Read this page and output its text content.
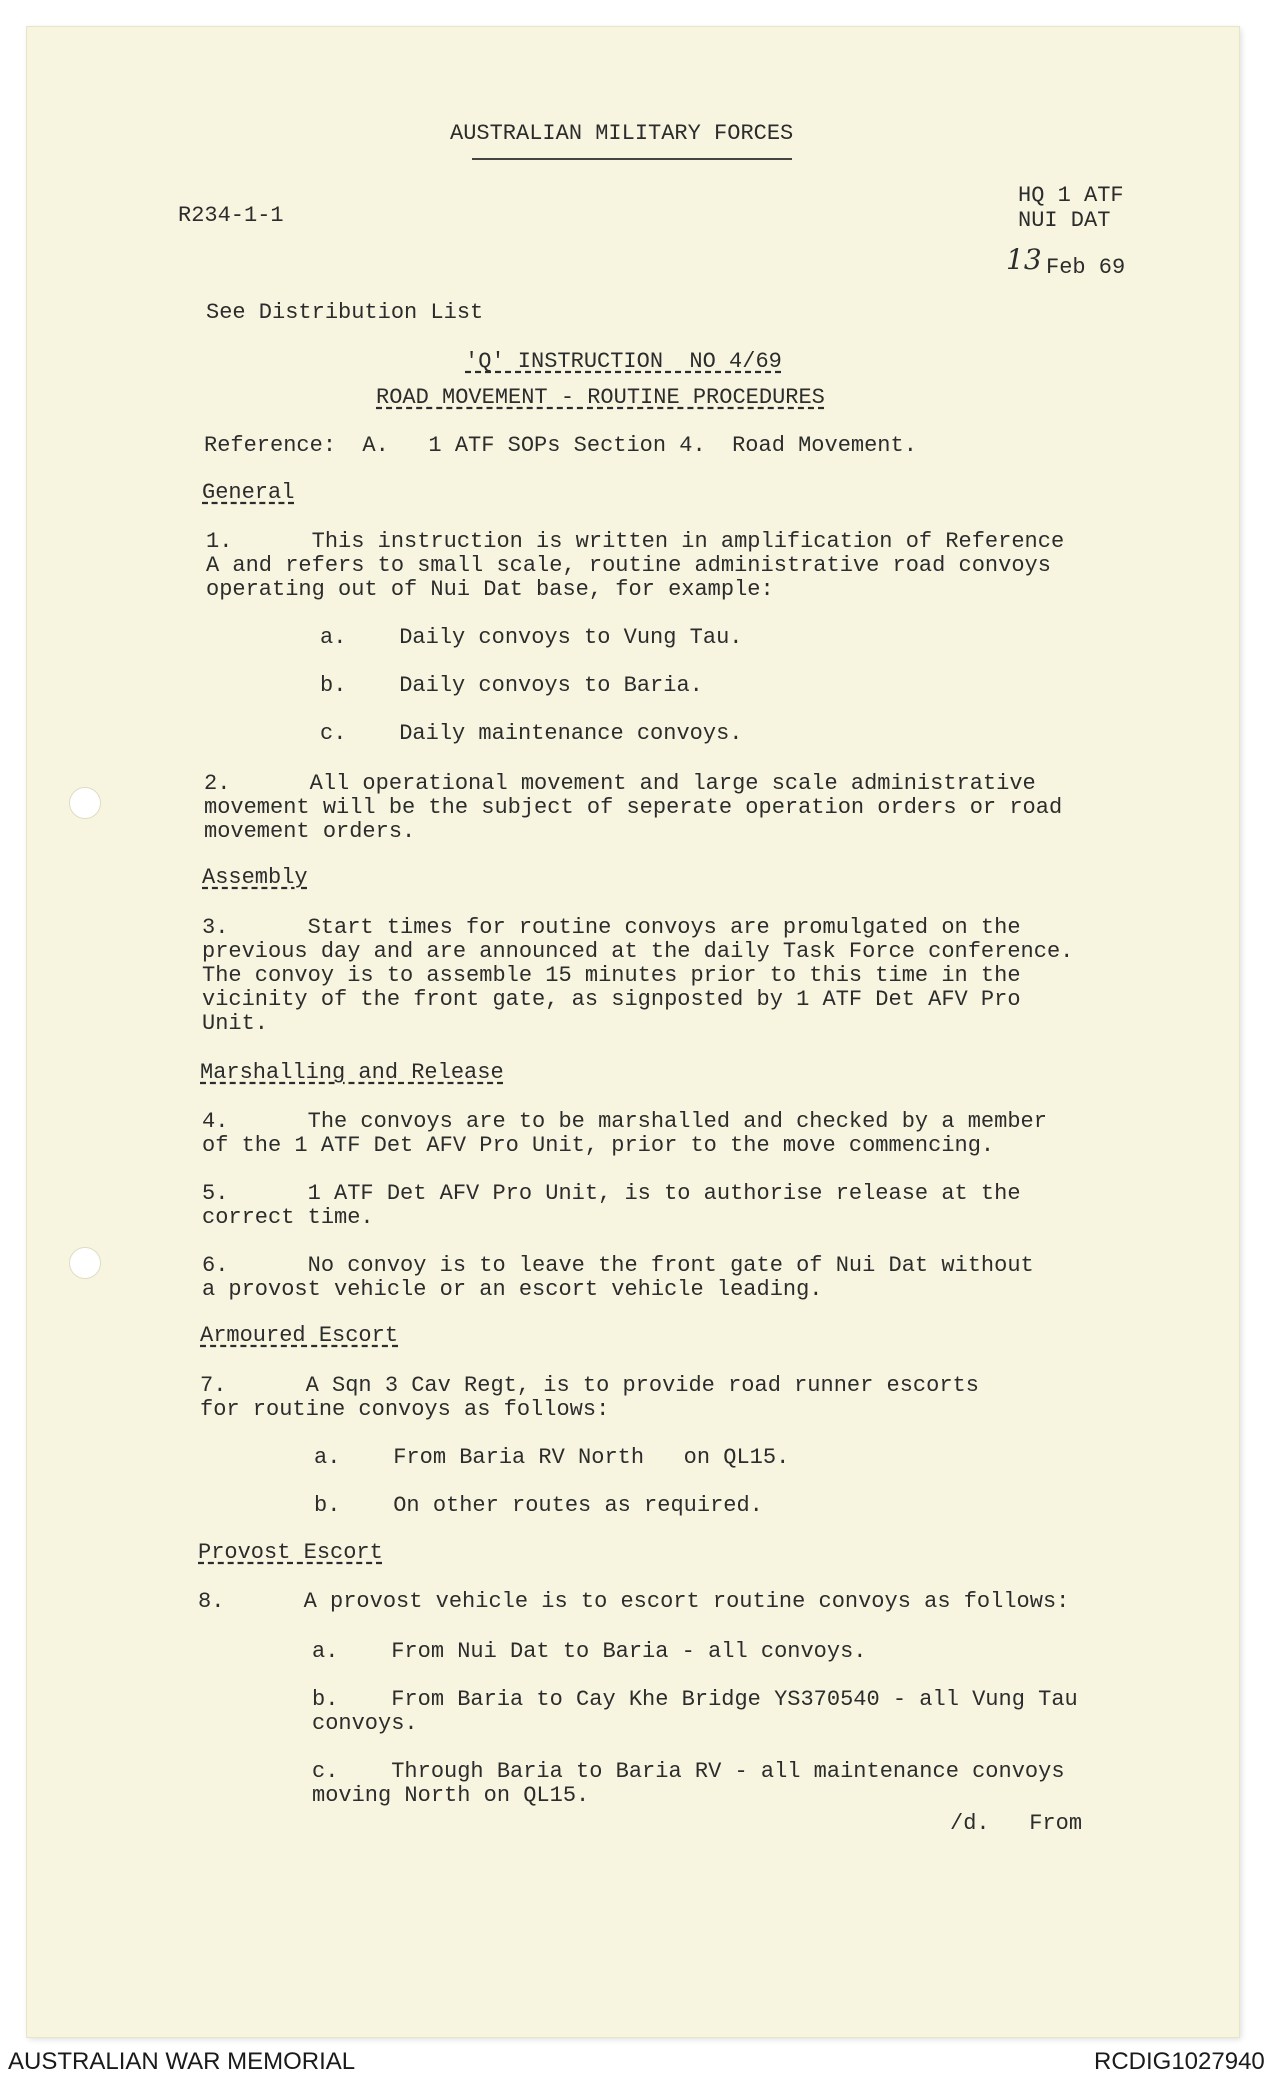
AUSTRALIAN MILITARY FORCES
R234-1-1
HQ 1 ATF
NUI DAT
13 Feb 69
See Distribution List
'Q' INSTRUCTION  NO 4/69
ROAD MOVEMENT - ROUTINE PROCEDURES
Reference:  A.   1 ATF SOPs Section 4.  Road Movement.
General
1.      This instruction is written in amplification of Reference
A and refers to small scale, routine administrative road convoys
operating out of Nui Dat base, for example:
a.    Daily convoys to Vung Tau.
b.    Daily convoys to Baria.
c.    Daily maintenance convoys.
2.      All operational movement and large scale administrative
movement will be the subject of seperate operation orders or road
movement orders.
Assembly
3.      Start times for routine convoys are promulgated on the
previous day and are announced at the daily Task Force conference.
The convoy is to assemble 15 minutes prior to this time in the
vicinity of the front gate, as signposted by 1 ATF Det AFV Pro
Unit.
Marshalling and Release
4.      The convoys are to be marshalled and checked by a member
of the 1 ATF Det AFV Pro Unit, prior to the move commencing.
5.      1 ATF Det AFV Pro Unit, is to authorise release at the
correct time.
6.      No convoy is to leave the front gate of Nui Dat without
a provost vehicle or an escort vehicle leading.
Armoured Escort
7.      A Sqn 3 Cav Regt, is to provide road runner escorts
for routine convoys as follows:
a.    From Baria RV North   on QL15.
b.    On other routes as required.
Provost Escort
8.      A provost vehicle is to escort routine convoys as follows:
a.    From Nui Dat to Baria - all convoys.
b.    From Baria to Cay Khe Bridge YS370540 - all Vung Tau
convoys.
c.    Through Baria to Baria RV - all maintenance convoys
moving North on QL15.
/d.   From
AUSTRALIAN WAR MEMORIAL	RCDIG1027940
